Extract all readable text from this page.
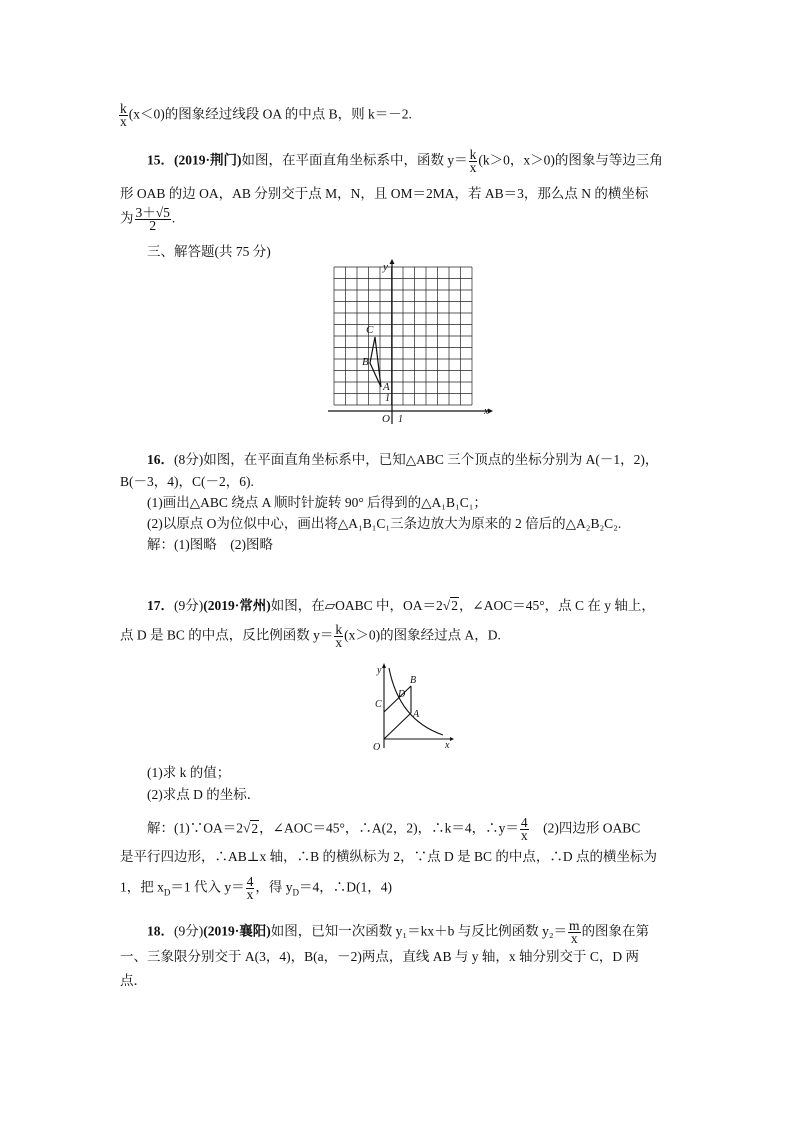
$\frac{k}{x} (x<0)$的图象经过线段 OA 的中点 B，则 k＝－2.
15．(2019·荆门)如图，在平面直角坐标系中，函数 $y= \frac{k}{x} (k>0$，x＞0)的图象与等边三角
形 OAB 的边 OA，AB 分别交于点 M，N，且 OM＝2MA，若 AB＝3，那么点 N 的横坐标
为 $\frac{3+√5}{2}$ .
三、解答题(共 75 分)
y
x
O 1
1
A
B
C
16．(8分)如图，在平面直角坐标系中，已知△ABC 三个顶点的坐标分别为 A(－1，2)，
B(－3，4)，C(－2，6).
(1)画出△ABC 绕点 A 顺时针旋转 90° 后得到的△A₁B₁C₁；
(2)以原点 O为位似中心，画出将△A₁B₁C₁三条边放大为原来的 2 倍后的△A₂B₂C₂.
解：(1)图略　(2)图略
17．(9分)(2019·常州)如图，在▱OABC 中，OA＝2√2，∠AOC＝45°，点 C 在 y 轴上，
点 D 是 BC 的中点，反比例函数 $y= \frac{k}{x} (x>0)$的图象经过点 A，D.
y
x
O
A
B
C
D
(1)求 k 的值；
(2)求点 D 的坐标．
解：(1)∵OA＝2√2，∠AOC＝45°，∴A(2，2)，∴k＝4，∴y＝ $\frac{4}{x}$ 　(2)四边形 OABC
是平行四边形，∴AB⊥x 轴，∴B 的横纵标为 2，∵点 D 是 BC 的中点，∴D 点的横坐标为
1，把 $x_D=1$ 代入 $y= \frac{4}{x}$ ，得 $y_D=4$，∴D(1，4)
18．(9分)(2019·襄阳)如图，已知一次函数 y₁＝kx＋b 与反比例函数 $y_2= \frac{m}{x}$ 的图象在第
一、三象限分别交于 A(3，4)，B(a，－2)两点，直线 AB 与 y 轴，x 轴分别交于 C，D 两
点．
